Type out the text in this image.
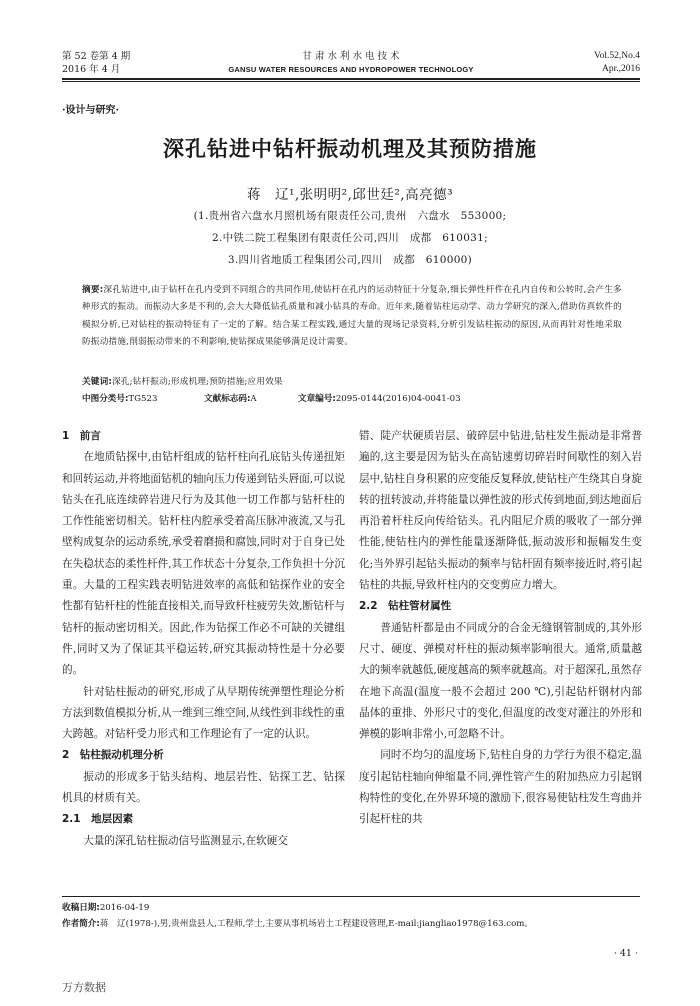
第 52 卷第 4 期
2016 年 4 月
甘 肃 水 利 水 电 技 术
GANSU WATER RESOURCES AND HYDROPOWER TECHNOLOGY
Vol.52,No.4
Apr.,2016
·设计与研究·
深孔钻进中钻杆振动机理及其预防措施
蒋　辽¹,张明明²,邱世廷²,高亮德³
(1.贵州省六盘水月照机场有限责任公司,贵州　六盘水　553000;
2.中铁二院工程集团有限责任公司,四川　成都　610031;
3.四川省地质工程集团公司,四川　成都　610000)
摘要:深孔钻进中,由于钻杆在孔内受到不同组合的共同作用,使钻杆在孔内的运动特征十分复杂,细长弹性杆件在孔内自传和公转时,会产生多种形式的振动。而振动大多是不利的,会大大降低钻孔质量和减小钻具的寿命。近年来,随着钻柱运动学、动力学研究的深入,借助仿真软件的模拟分析,已对钻柱的振动特征有了一定的了解。结合某工程实践,通过大量的现场记录资料,分析引发钻柱振动的原因,从而再针对性地采取防振动措施,削弱振动带来的不利影响,使钻探成果能够满足设计需要。
关键词:深孔;钻杆振动;形成机理;预防措施;应用效果
中图分类号:TG523	文献标志码:A	文章编号:2095-0144(2016)04-0041-03
1　前言

在地质钻探中,由钻杆组成的钻杆柱向孔底钻头传递扭矩和回转运动,并将地面钻机的轴向压力传递到钻头唇面,可以说钻头在孔底连续碎岩进尺行为及其他一切工作都与钻杆柱的工作性能密切相关。钻杆柱内腔承受着高压脉冲液流,又与孔壁构成复杂的运动系统,承受着磨损和腐蚀,同时对于自身已处在失稳状态的柔性杆件,其工作状态十分复杂,工作负担十分沉重。大量的工程实践表明钻进效率的高低和钻探作业的安全性都有钻杆柱的性能直接相关,而导致杆柱疲劳失效,断钻杆与钻杆的振动密切相关。因此,作为钻探工作必不可缺的关键组件,同时又为了保证其平稳运转,研究其振动特性是十分必要的。

针对钻柱振动的研究,形成了从早期传统弹塑性理论分析方法到数值模拟分析,从一维到三维空间,从线性到非线性的重大跨越。对钻杆受力形式和工作理论有了一定的认识。

2　钻柱振动机理分析

振动的形成多于钻头结构、地层岩性、钻探工艺、钻探机具的材质有关。

2.1　地层因素

大量的深孔钻柱振动信号监测显示,在软硬交

错、陡产状硬质岩层、破碎层中钻进,钻柱发生振动是非常普遍的,这主要是因为钻头在高钻速剪切碎岩时间歇性的刻入岩层中,钻柱自身积累的应变能反复释放,使钻柱产生绕其自身旋转的扭转波动,并将能量以弹性波的形式传到地面,到达地面后再沿着杆柱反向传给钻头。孔内阻尼介质的吸收了一部分弹性能,使钻柱内的弹性能量逐渐降低,振动波形和振幅发生变化;当外界引起钻头振动的频率与钻杆固有频率接近时,将引起钻柱的共振,导致杆柱内的交变剪应力增大。

2.2　钻柱管材属性

普通钻杆都是由不同成分的合金无缝钢管制成的,其外形尺寸、硬度、弹模对杆柱的振动频率影响很大。通常,质量越大的频率就越低,硬度越高的频率就越高。对于超深孔,虽然存在地下高温(温度一般不会超过 200 ℃),引起钻杆钢材内部晶体的重排、外形尺寸的变化,但温度的改变对灌注的外形和弹模的影响非常小,可忽略不计。

同时不均匀的温度场下,钻柱自身的力学行为很不稳定,温度引起钻柱轴向伸缩量不同,弹性管产生的附加热应力引起钢构特性的变化,在外界环境的激励下,很容易使钻柱发生弯曲并引起杆柱的共

收稿日期:2016-04-19
作者简介:蒋　辽(1978-),男,贵州盘县人,工程师,学士,主要从事机场岩土工程建设管理,E-mail:jiangliao1978@163.com。
· 41 ·
万方数据
